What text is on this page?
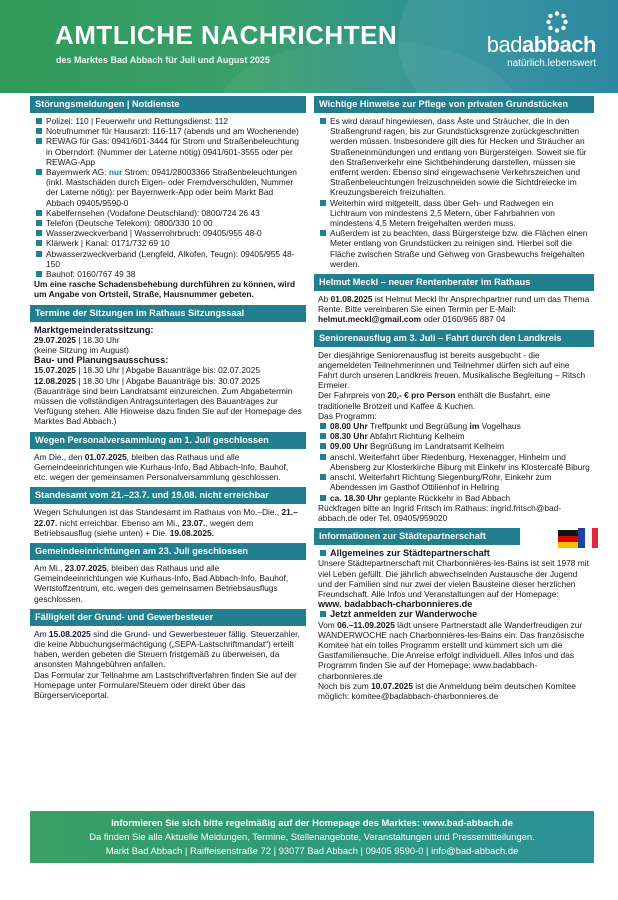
AMTLICHE NACHRICHTEN
des Marktes Bad Abbach für Juli und August 2025
badabbach
natürlich.lebenswert
Störungsmeldungen | Notdienste

Polizei: 110 | Feuerwehr und Rettungsdienst: 112

Notrufnummer für Hausarzt: 116-117 (abends und am Wochenende)

REWAG für Gas: 0941/601-3444 für Strom und Straßenbeleuchtung in Oberndorf: (Nummer der Laterne nötig) 0941/601-3555 oder per REWAG-App

Bayernwerk AG: nur Strom: 0941/28003366 Straßenbeleuchtungen (inkl. Mastschäden durch Eigen- oder Fremdverschulden, Nummer der Laterne nötig): per Bayernwerk-App oder beim Markt Bad Abbach 09405/9590-0

Kabelfernsehen (Vodafone Deutschland): 0800/724 26 43

Telefon (Deutsche Telekom): 0800/330 10 00

Wasserzweckverband | Wasserrohrbruch: 09405/955 48-0

Klärwerk | Kanal: 0171/732 69 10

Abwasserzweckverband (Lengfeld, Alkofen, Teugn): 09405/955 48-150

Bauhof: 0160/767 49 38

Um eine rasche Schadensbehebung durchführen zu können, wird um Angabe von Ortsteil, Straße, Hausnummer gebeten.

Termine der Sitzungen im Rathaus Sitzungssaal

Marktgemeinderatssitzung:

29.07.2025 | 18.30 Uhr

(keine Sitzung im August)

Bau- und Planungsausschuss:

15.07.2025 | 18.30 Uhr | Abgabe Bauanträge bis: 02.07.2025

12.08.2025 | 18.30 Uhr | Abgabe Bauanträge bis: 30.07.2025

(Bauanträge sind beim Landratsamt einzureichen. Zum Abgabetermin müssen die vollständigen Antragsunterlagen des Bauantrages zur Verfügung stehen. Alle Hinweise dazu finden Sie auf der Homepage des Marktes Bad Abbach.)

Wegen Personalversammlung am 1. Juli geschlossen

Am Die., den 01.07.2025, bleiben das Rathaus und alle Gemeindeeinrichtungen wie Kurhaus-Info, Bad Abbach-Info, Bauhof, etc. wegen der gemeinsamen Personalversammlung geschlossen.

Standesamt vom 21.–23.7. und 19.08. nicht erreichbar

Wegen Schulungen ist das Standesamt im Rathaus von Mo.–Die., 21.–22.07. nicht erreichbar. Ebenso am Mi., 23.07., wegen dem Betriebsausflug (siehe unten) + Die. 19.08.2025.

Gemeindeeinrichtungen am 23. Juli geschlossen

Am Mi., 23.07.2025, bleiben das Rathaus und alle Gemeindeeinrichtungen wie Kurhaus-Info, Bad Abbach-Info, Bauhof, Wertstoffzentrum, etc. wegen des gemeinsamen Betriebsausflugs geschlossen.

Fälligkeit der Grund- und Gewerbesteuer

Am 15.08.2025 sind die Grund- und Gewerbesteuer fällig. Steuerzahler, die keine Abbuchungsermächtigung („SEPA-Lastschriftmandat“) erteilt haben, werden gebeten die Steuern fristgemäß zu überweisen, da ansonsten Mahngebühren anfallen.

Das Formular zur Teilnahme am Lastschriftverfahren finden Sie auf der Homepage unter Formulare/Steuern oder direkt über das Bürgerserviceportal.

Wichtige Hinweise zur Pflege von privaten Grundstücken

Es wird darauf hingewiesen, dass Äste und Sträucher, die in den Straßengrund ragen, bis zur Grundstücksgrenze zurückgeschnitten werden müssen. Insbesondere gilt dies für Hecken und Sträucher an Straßeneinmündungen und entlang von Bürgersteigen. Soweit sie für den Straßenverkehr eine Sichtbehinderung darstellen, müssen sie entfernt werden. Ebenso sind eingewachsene Verkehrszeichen und Straßenbeleuchtungen freizuschneiden sowie die Sichtdreiecke im Kreuzungsbereich freizuhalten.

Weiterhin wird mitgeteilt, dass über Geh- und Radwegen ein Lichtraum von mindestens 2,5 Metern, über Fahrbahnen von mindestens 4,5 Metern freigehalten werden muss.

Außerdem ist zu beachten, dass Bürgersteige bzw. die Flächen einen Meter entlang von Grundstücken zu reinigen sind. Hierbei soll die Fläche zwischen Straße und Gehweg von Grasbewuchs freigehalten werden.

Helmut Meckl – neuer Rentenberater im Rathaus

Ab 01.08.2025 ist Helmut Meckl Ihr Ansprechpartner rund um das Thema Rente. Bitte vereinbaren Sie einen Termin per E-Mail: helmut.meckl@gmail.com oder 0160/965 887 04

Seniorenausflug am 3. Juli – Fahrt durch den Landkreis

Der diesjährige Seniorenausflug ist bereits ausgebucht - die angemeldeten Teilnehmerinnen und Teilnehmer dürfen sich auf eine Fahrt durch unseren Landkreis freuen. Musikalische Begleitung – Ritsch Ermeier.

Der Fahrpreis von 20,- € pro Person enthält die Busfahrt, eine traditionelle Brotzeit und Kaffee & Kuchen.

Das Programm:

08.00 Uhr Treffpunkt und Begrüßung im Vogelhaus

08.30 Uhr Abfahrt Richtung Kelheim

09.00 Uhr Begrüßung im Landratsamt Kelheim

anschl. Weiterfahrt über Riedenburg, Hexenagger, Hinheim und Abensberg zur Klosterkirche Biburg mit Einkehr ins Klostercafé Biburg

anschl. Weiterfahrt Richtung Siegenburg/Rohr, Einkehr zum Abendessen im Gasthof Ottilienhof in Hellring

ca. 18.30 Uhr geplante Rückkehr in Bad Abbach

Rückfragen bitte an Ingrid Fritsch im Rathaus: ingrid.fritsch@bad-abbach.de oder Tel. 09405/959020

Informationen zur Städtepartnerschaft

Allgemeines zur Städtepartnerschaft

Unsere Städtepartnerschaft mit Charbonnières-les-Bains ist seit 1978 mit viel Leben gefüllt. Die jährlich abwechselnden Austausche der Jugend und der Familien sind nur zwei der vielen Bausteine dieser herzlichen Freundschaft. Alle Infos und Veranstaltungen auf der Homepage:

www. badabbach-charbonnieres.de

Jetzt anmelden zur Wanderwoche

Vom 06.–11.09.2025 lädt unsere Partnerstadt alle Wanderfreudigen zur WANDERWOCHE nach Charbonnières-les-Bains ein. Das französische Komitee hat ein tolles Programm erstellt und kümmert sich um die Gastfamiliensuche. Die Anreise erfolgt individuell. Alles Infos und das Programm finden Sie auf der Homepage: www.badabbach-charbonnieres.de

Noch bis zum 10.07.2025 ist die Anmeldung beim deutschen Komitee möglich: komitee@badabbach-charbonnieres.de

Informieren Sie sich bitte regelmäßig auf der Homepage des Marktes: www.bad-abbach.de
Da finden Sie alle Aktuelle Meldungen, Termine, Stellenangebote, Veranstaltungen und Pressemitteilungen.
Markt Bad Abbach | Raiffeisenstraße 72 | 93077 Bad Abbach | 09405 9590-0 | info@bad-abbach.de
